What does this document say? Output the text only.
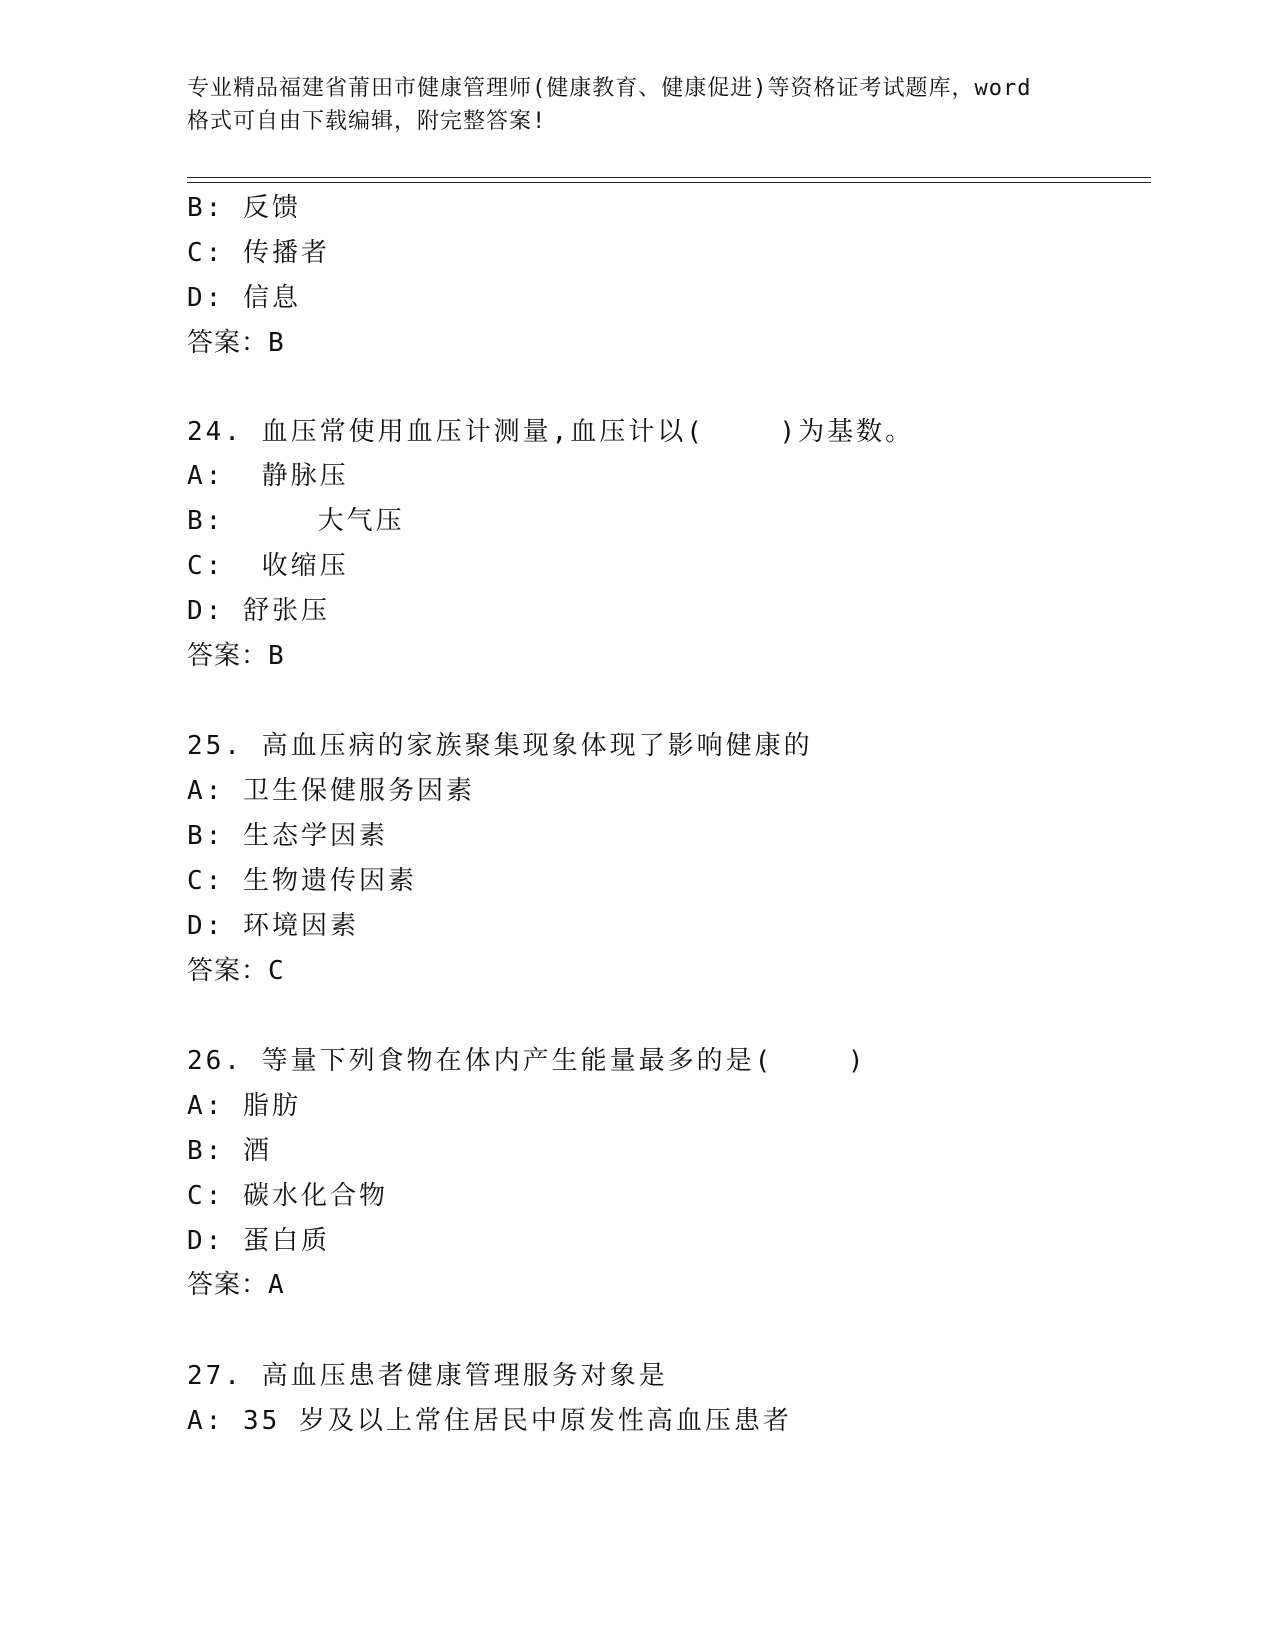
专业精品福建省莆田市健康管理师(健康教育、健康促进)等资格证考试题库，word
格式可自由下载编辑，附完整答案!
B: 反馈
C: 传播者
D: 信息
答案：B
24. 血压常使用血压计测量,血压计以(    )为基数。
A:  静脉压
B:     大气压
C:  收缩压
D: 舒张压
答案：B
25. 高血压病的家族聚集现象体现了影响健康的
A: 卫生保健服务因素
B: 生态学因素
C: 生物遗传因素
D: 环境因素
答案：C
26. 等量下列食物在体内产生能量最多的是(    )
A: 脂肪
B: 酒
C: 碳水化合物
D: 蛋白质
答案：A
27. 高血压患者健康管理服务对象是
A: 35 岁及以上常住居民中原发性高血压患者
